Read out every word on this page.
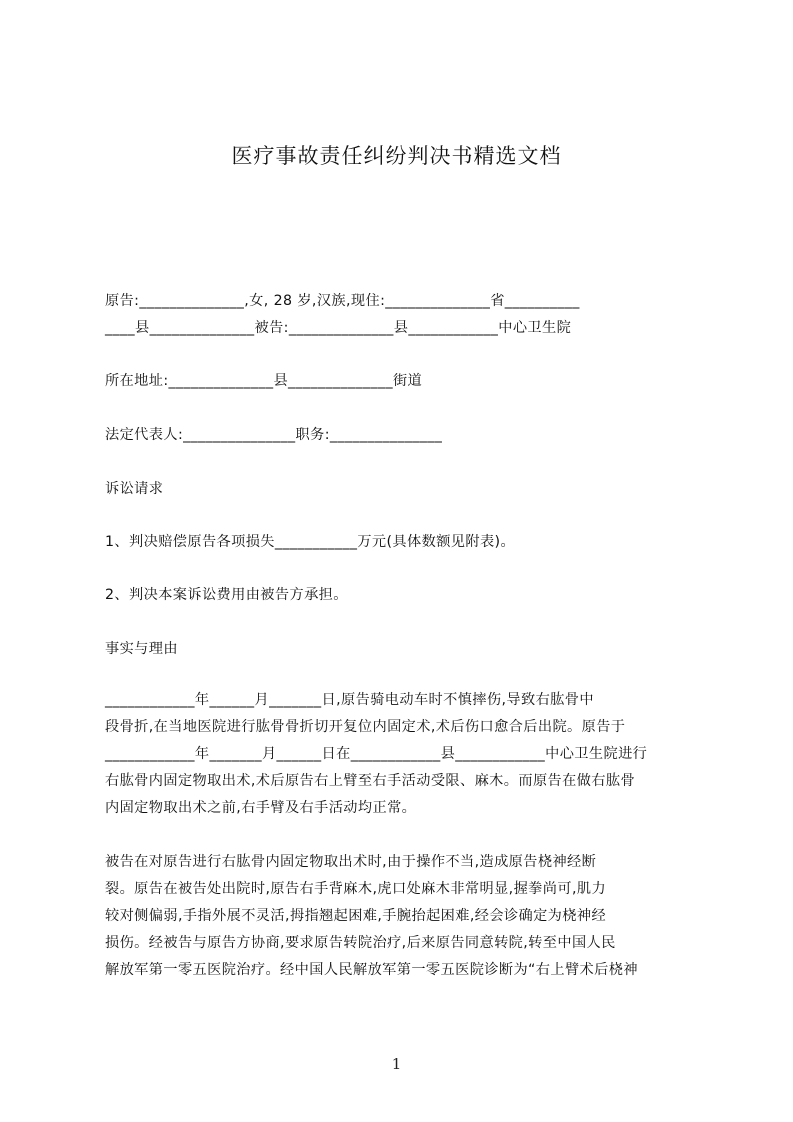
医疗事故责任纠纷判决书精选文档
原告:______________,女, 28 岁,汉族,现住:______________省__________
____县______________被告:______________县____________中心卫生院
所在地址:______________县______________街道
法定代表人:_______________职务:_______________
诉讼请求
1、判决赔偿原告各项损失___________万元(具体数额见附表)。
2、判决本案诉讼费用由被告方承担。
事实与理由
____________年______月_______日,原告骑电动车时不慎摔伤,导致右肱骨中
段骨折,在当地医院进行肱骨骨折切开复位内固定术,术后伤口愈合后出院。原告于
____________年_______月______日在____________县____________中心卫生院进行
右肱骨内固定物取出术,术后原告右上臂至右手活动受限、麻木。而原告在做右肱骨
内固定物取出术之前,右手臂及右手活动均正常。
被告在对原告进行右肱骨内固定物取出术时,由于操作不当,造成原告桡神经断
裂。原告在被告处出院时,原告右手背麻木,虎口处麻木非常明显,握拳尚可,肌力
较对侧偏弱,手指外展不灵活,拇指翘起困难,手腕抬起困难,经会诊确定为桡神经
损伤。经被告与原告方协商,要求原告转院治疗,后来原告同意转院,转至中国人民
解放军第一零五医院治疗。经中国人民解放军第一零五医院诊断为“右上臂术后桡神
1
